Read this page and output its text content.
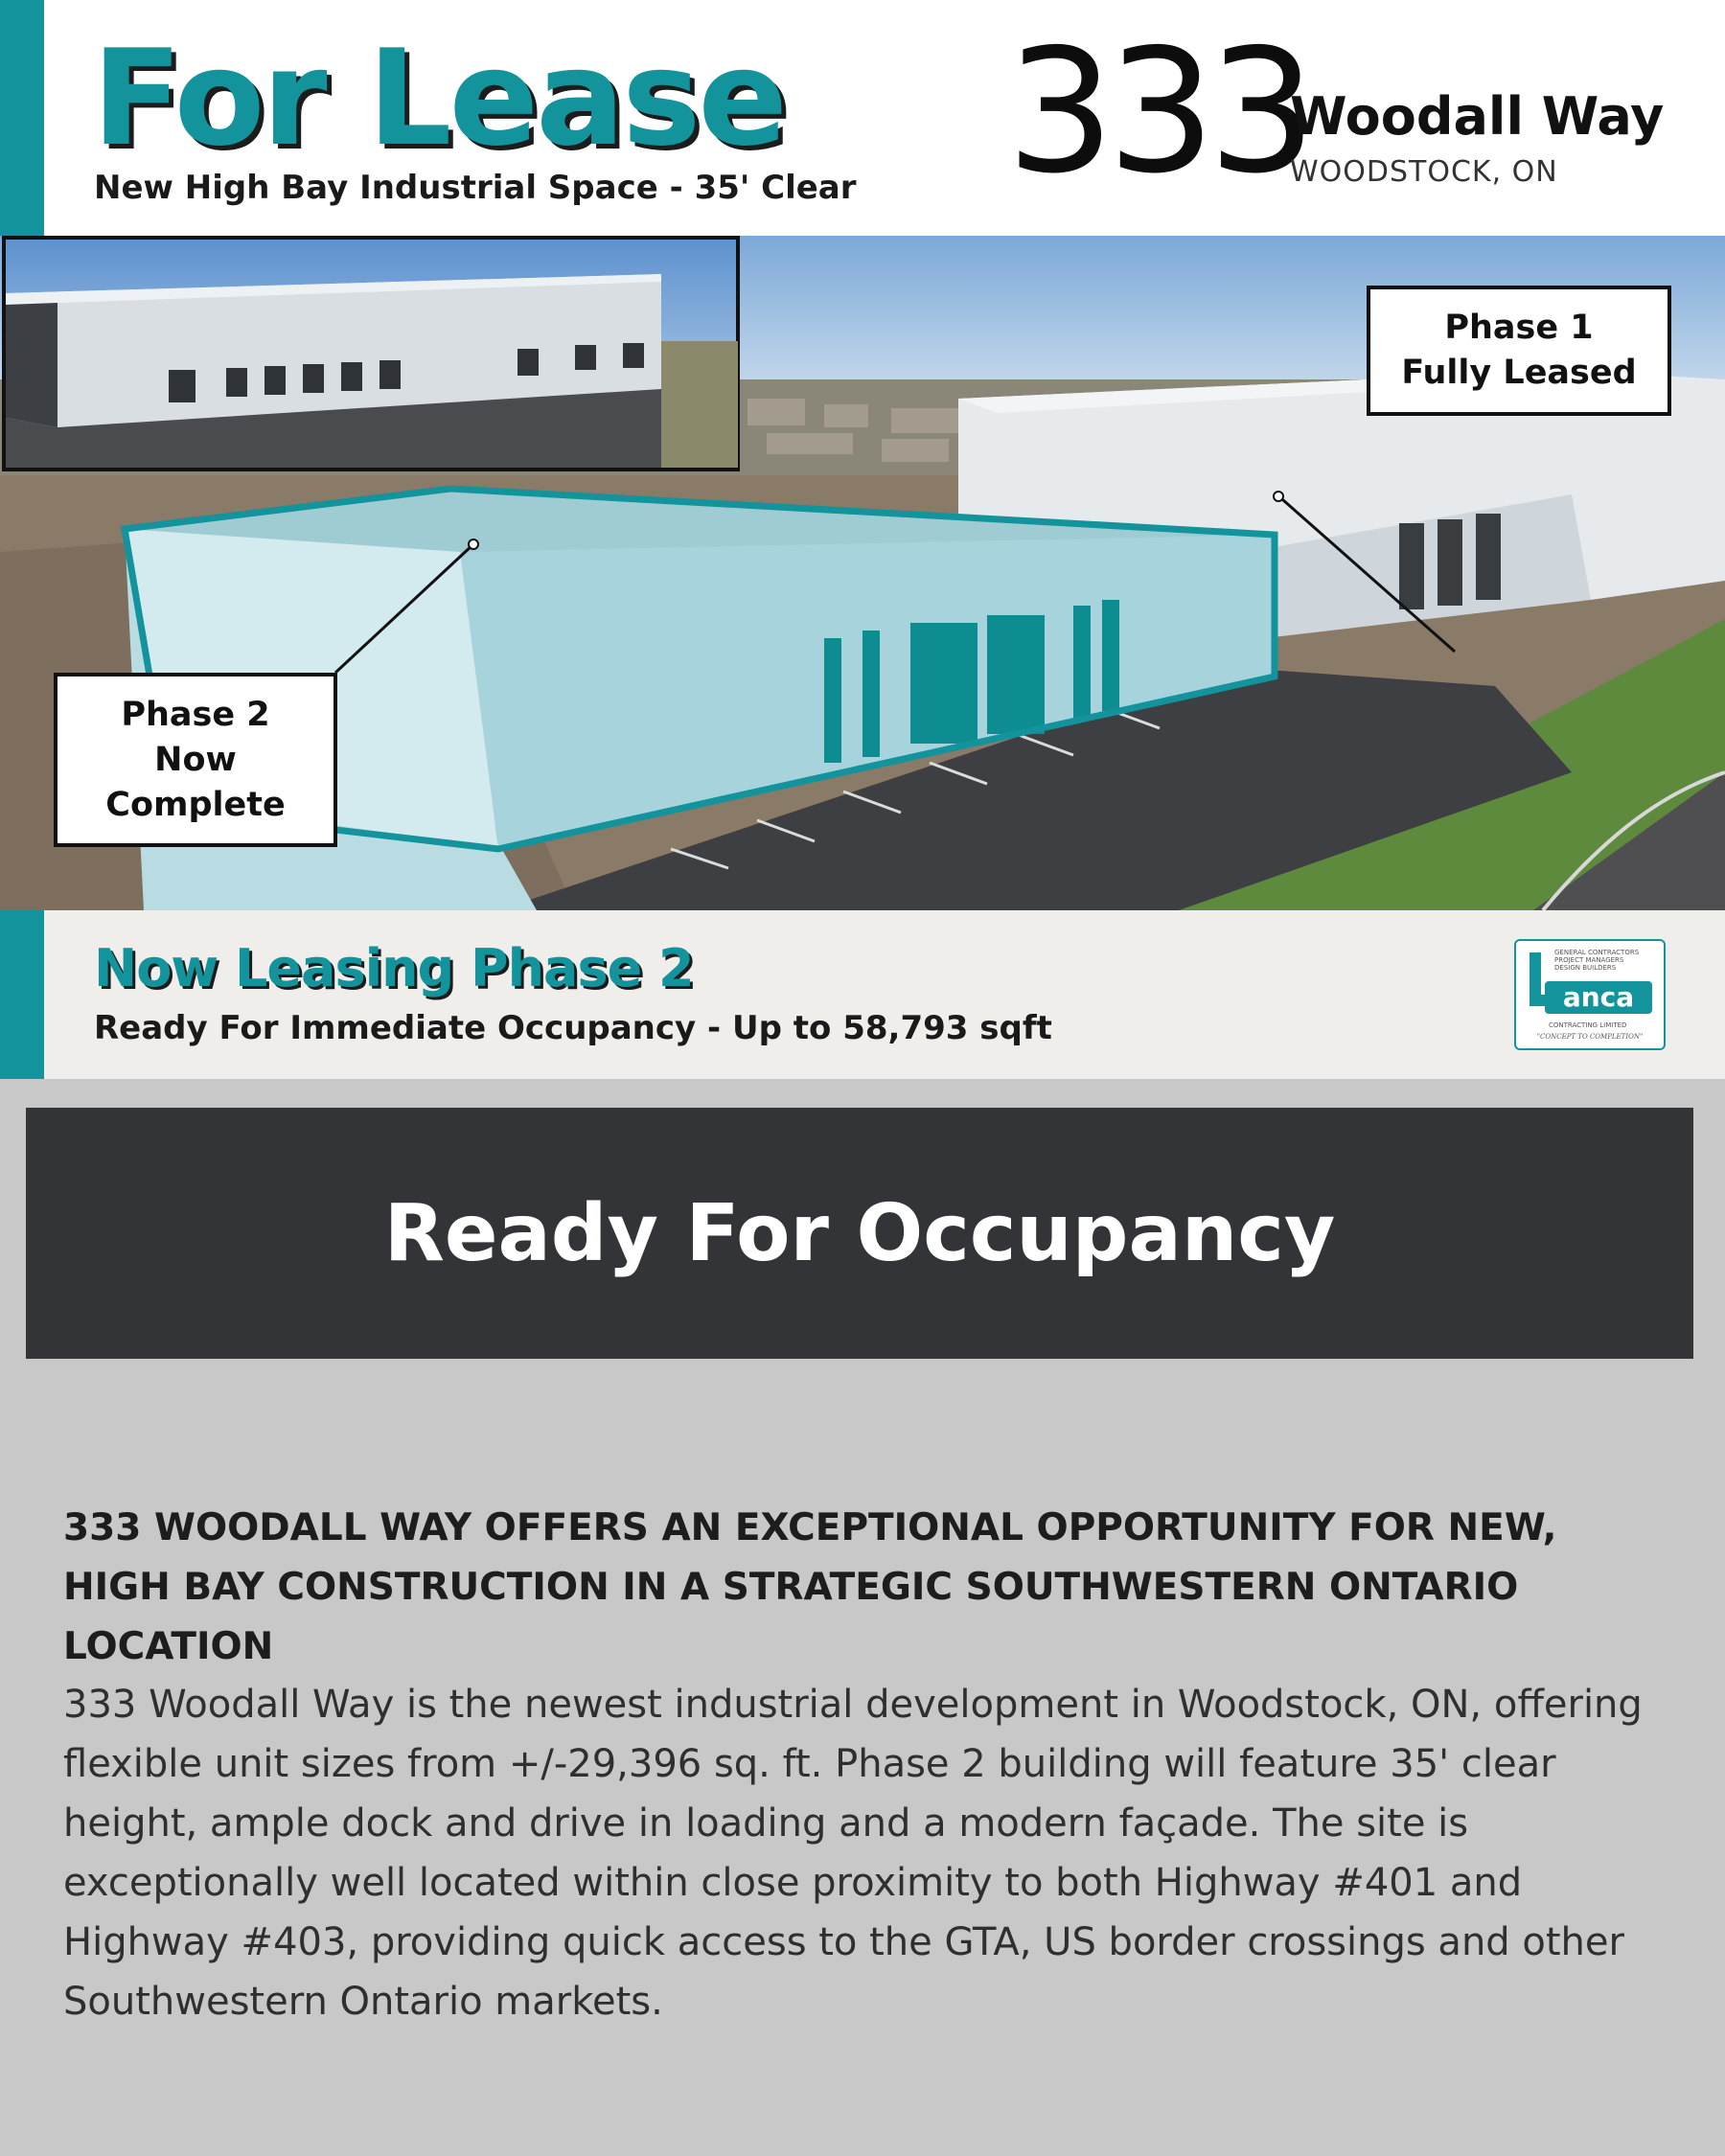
For Lease
New High Bay Industrial Space - 35' Clear 333
Woodall Way
WOODSTOCK, ON
Phase 1
Fully Leased
Phase 2
Now
Complete
Now Leasing Phase 2
Ready For Immediate Occupancy - Up to 58,793 sqft
GENERAL CONTRACTORS
PROJECT MANAGERS
DESIGN BUILDERS
anca
CONTRACTING LIMITED
"CONCEPT TO COMPLETION"
Ready For Occupancy
333 WOODALL WAY OFFERS AN EXCEPTIONAL OPPORTUNITY FOR NEW, HIGH BAY CONSTRUCTION IN A STRATEGIC SOUTHWESTERN ONTARIO LOCATION

333 Woodall Way is the newest industrial development in Woodstock, ON, offering flexible unit sizes from +/-29,396 sq. ft. Phase 2 building will feature 35' clear height, ample dock and drive in loading and a modern façade. The site is exceptionally well located within close proximity to both Highway #401 and Highway #403, providing quick access to the GTA, US border crossings and other Southwestern Ontario markets.
